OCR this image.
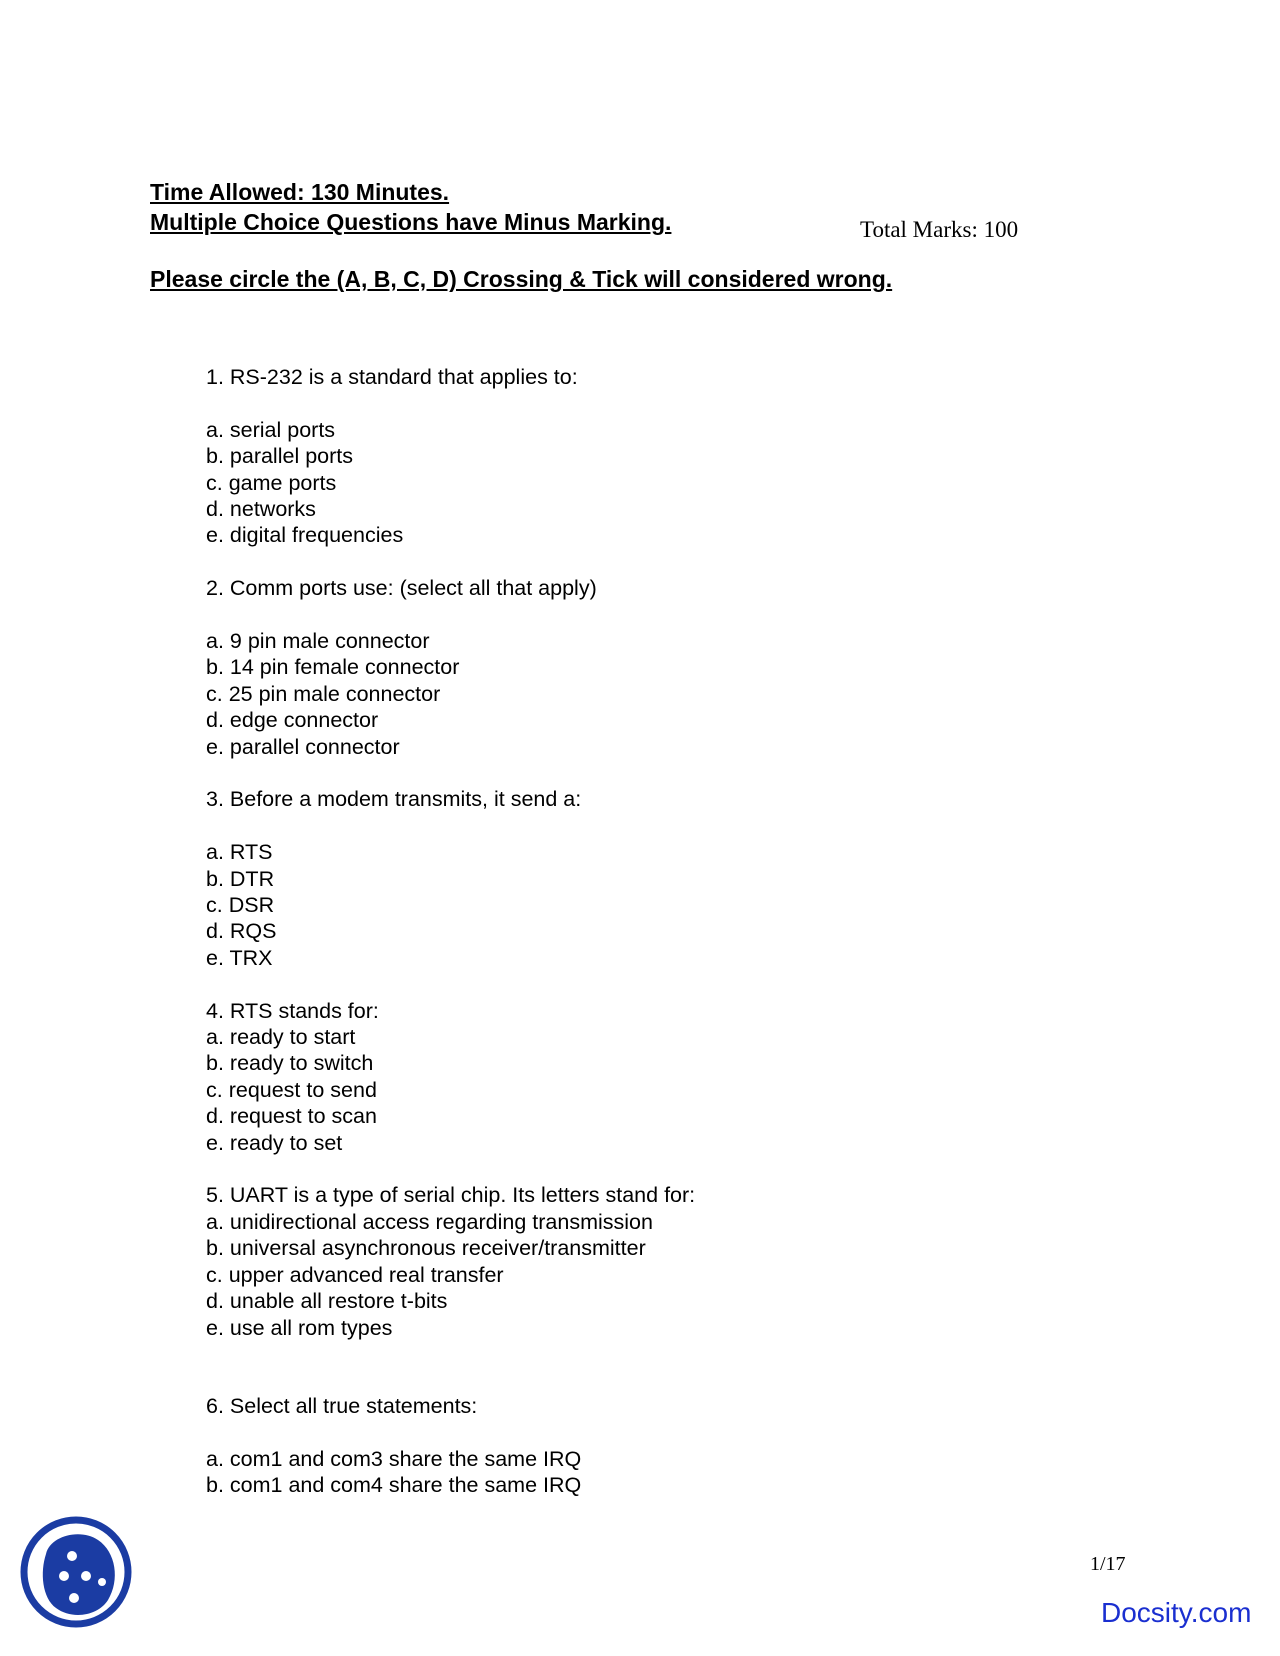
Time Allowed: 130 Minutes.
Multiple Choice Questions have Minus Marking.	Total Marks: 100
Please circle the (A, B, C, D) Crossing & Tick will considered wrong.
1. RS-232 is a standard that applies to:
a. serial ports
b. parallel ports
c. game ports
d. networks
e. digital frequencies
2. Comm ports use: (select all that apply)
a. 9 pin male connector
b. 14 pin female connector
c. 25 pin male connector
d. edge connector
e. parallel connector
3. Before a modem transmits, it send a:
a. RTS
b. DTR
c. DSR
d. RQS
e. TRX
4. RTS stands for:
a. ready to start
b. ready to switch
c. request to send
d. request to scan
e. ready to set
5. UART is a type of serial chip. Its letters stand for:
a. unidirectional access regarding transmission
b. universal asynchronous receiver/transmitter
c. upper advanced real transfer
d. unable all restore t-bits
e. use all rom types
6. Select all true statements:
a. com1 and com3 share the same IRQ
b. com1 and com4 share the same IRQ
1/17
Docsity.com
